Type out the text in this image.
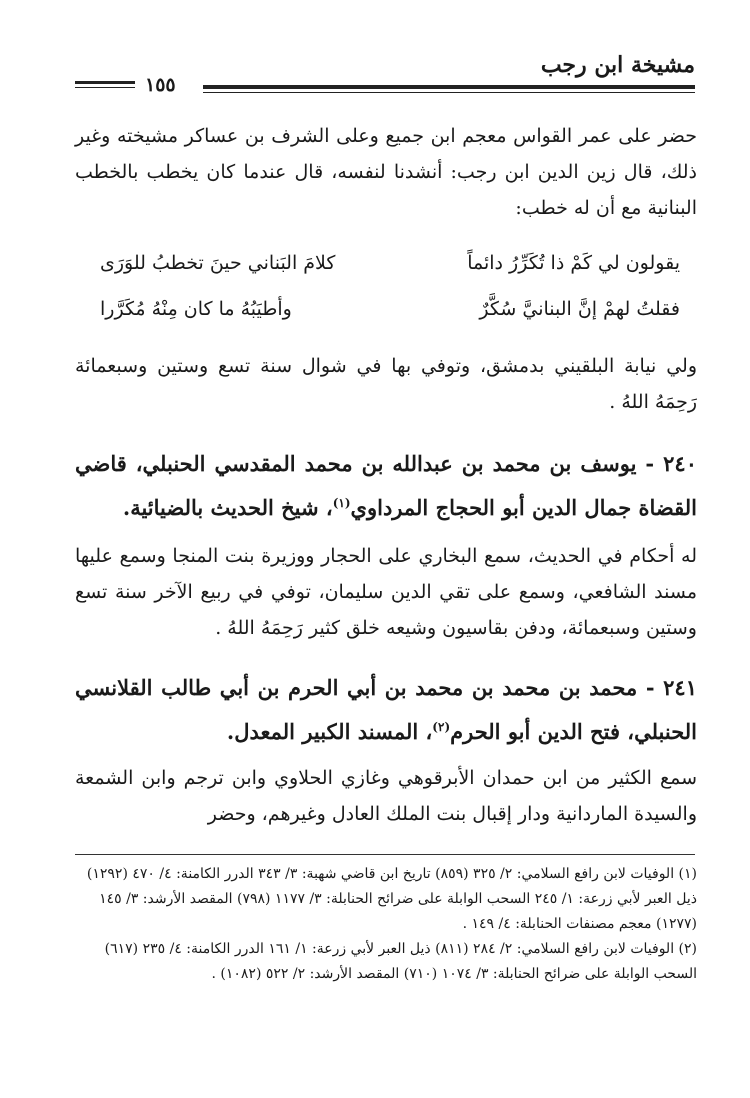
مشيخة ابن رجب
١٥٥
حضر على عمر القواس معجم ابن جميع وعلى الشرف بن عساكر مشيخته وغير ذلك، قال زين الدين ابن رجب: أنشدنا لنفسه، قال عندما كان يخطب بالخطب البنانية مع أن له خطب:
يقولون لي كَمْ ذا تُكَرِّرُ دائماً
كلامَ البَناني حينَ تخطبُ للوَرَى
فقلتُ لهمْ إنَّ البنانيَّ سُكَّرٌ
وأطيَبُهُ ما كان مِنْهُ مُكَرَّرا
ولي نيابة البلقيني بدمشق، وتوفي بها في شوال سنة تسع وستين وسبعمائة رَحِمَهُ اللهُ .
٢٤٠ - يوسف بن محمد بن عبدالله بن محمد المقدسي الحنبلي، قاضي القضاة جمال الدين أبو الحجاج المرداوي$^{(١)}$، شيخ الحديث بالضيائية.
له أحكام في الحديث، سمع البخاري على الحجار ووزيرة بنت المنجا وسمع عليها مسند الشافعي، وسمع على تقي الدين سليمان، توفي في ربيع الآخر سنة تسع وستين وسبعمائة، ودفن بقاسيون وشيعه خلق كثير رَحِمَهُ اللهُ .
٢٤١ - محمد بن محمد بن محمد بن أبي الحرم بن أبي طالب القلانسي الحنبلي، فتح الدين أبو الحرم$^{(٢)}$، المسند الكبير المعدل.
سمع الكثير من ابن حمدان الأبرقوهي وغازي الحلاوي وابن ترجم وابن الشمعة والسيدة الماردانية ودار إقبال بنت الملك العادل وغيرهم، وحضر

(١) الوفيات لابن رافع السلامي: ٢/ ٣٢٥ (٨٥٩) تاريخ ابن قاضي شهبة: ٣/ ٣٤٣ الدرر الكامنة: ٤/ ٤٧٠ (١٢٩٢) ذيل العبر لأبي زرعة: ١/ ٢٤٥ السحب الوابلة على ضرائح الحنابلة: ٣/ ١١٧٧ (٧٩٨) المقصد الأرشد: ٣/ ١٤٥ (١٢٧٧) معجم مصنفات الحنابلة: ٤/ ١٤٩ .

(٢) الوفيات لابن رافع السلامي: ٢/ ٢٨٤ (٨١١) ذيل العبر لأبي زرعة: ١/ ١٦١ الدرر الكامنة: ٤/ ٢٣٥ (٦١٧) السحب الوابلة على ضرائح الحنابلة: ٣/ ١٠٧٤ (٧١٠) المقصد الأرشد: ٢/ ٥٢٢ (١٠٨٢) .
